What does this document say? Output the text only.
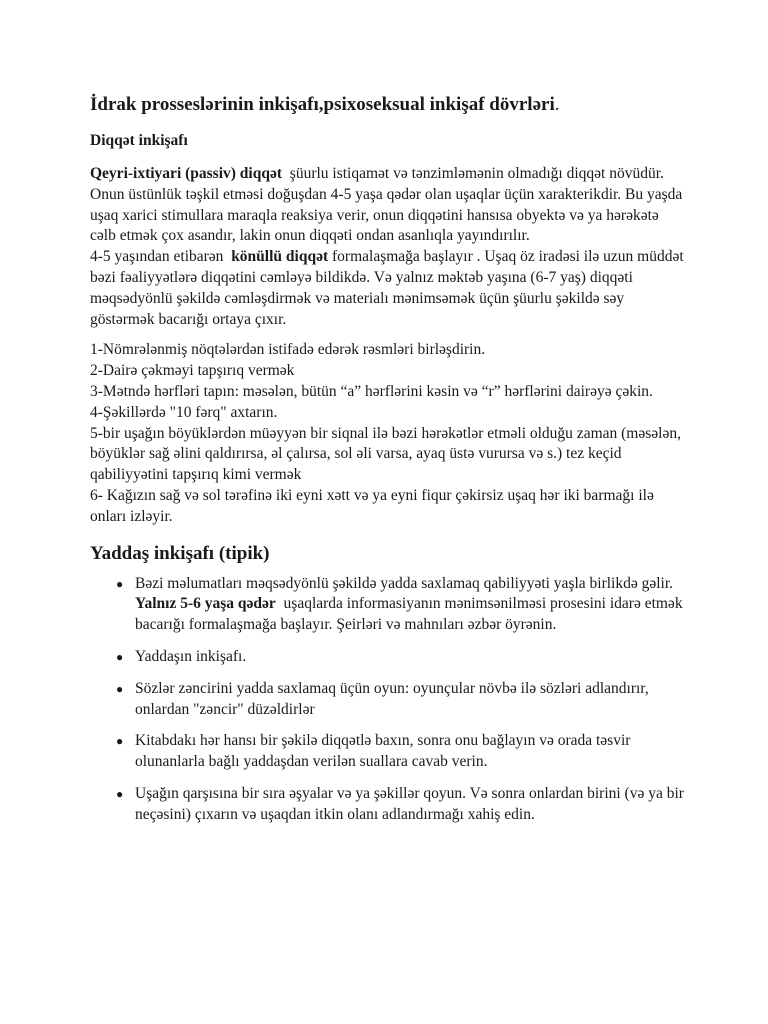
İdrak prosseslərinin inkişafı,psixoseksual inkişaf dövrləri.
Diqqət inkişafı

Qeyri-ixtiyari (passiv) diqqət  şüurlu istiqamət və tənzimləmənin olmadığı diqqət növüdür. Onun üstünlük təşkil etməsi doğuşdan 4-5 yaşa qədər olan uşaqlar üçün xarakterikdir. Bu yaşda uşaq xarici stimullara maraqla reaksiya verir, onun diqqətini hansısa obyektə və ya hərəkətə cəlb etmək çox asandır, lakin onun diqqəti ondan asanlıqla yayındırılır.

4-5 yaşından etibarən  könüllü diqqət formalaşmağa başlayır . Uşaq öz iradəsi ilə uzun müddət bəzi fəaliyyətlərə diqqətini cəmləyə bildikdə. Və yalnız məktəb yaşına (6-7 yaş) diqqəti məqsədyönlü şəkildə cəmləşdirmək və materialı mənimsəmək üçün şüurlu şəkildə səy göstərmək bacarığı ortaya çıxır.

1-Nömrələnmiş nöqtələrdən istifadə edərək rəsmləri birləşdirin.

2-Dairə çəkməyi tapşırıq vermək

3-Mətndə hərfləri tapın: məsələn, bütün “a” hərflərini kəsin və “r” hərflərini dairəyə çəkin.

4-Şəkillərdə "10 fərq" axtarın.

5-bir uşağın böyüklərdən müəyyən bir siqnal ilə bəzi hərəkətlər etməli olduğu zaman (məsələn, böyüklər sağ əlini qaldırırsa, əl çalırsa, sol əli varsa, ayaq üstə vurursa və s.) tez keçid qabiliyyətini tapşırıq kimi vermək

6- Kağızın sağ və sol tərəfinə iki eyni xətt və ya eyni fiqur çəkirsiz uşaq hər iki barmağı ilə onları izləyir.

Yaddaş inkişafı (tipik)
● Bəzi məlumatları məqsədyönlü şəkildə yadda saxlamaq qabiliyyəti yaşla birlikdə gəlir.
Yalnız 5-6 yaşa qədər  uşaqlarda informasiyanın mənimsənilməsi prosesini idarə etmək bacarığı formalaşmağa başlayır. Şeirləri və mahnıları əzbər öyrənin.
● Yaddaşın inkişafı.
● Sözlər zəncirini yadda saxlamaq üçün oyun: oyunçular növbə ilə sözləri adlandırır, onlardan "zəncir" düzəldirlər
● Kitabdakı hər hansı bir şəkilə diqqətlə baxın, sonra onu bağlayın və orada təsvir olunanlarla bağlı yaddaşdan verilən suallara cavab verin.
● Uşağın qarşısına bir sıra əşyalar və ya şəkillər qoyun. Və sonra onlardan birini (və ya bir neçəsini) çıxarın və uşaqdan itkin olanı adlandırmağı xahiş edin.
